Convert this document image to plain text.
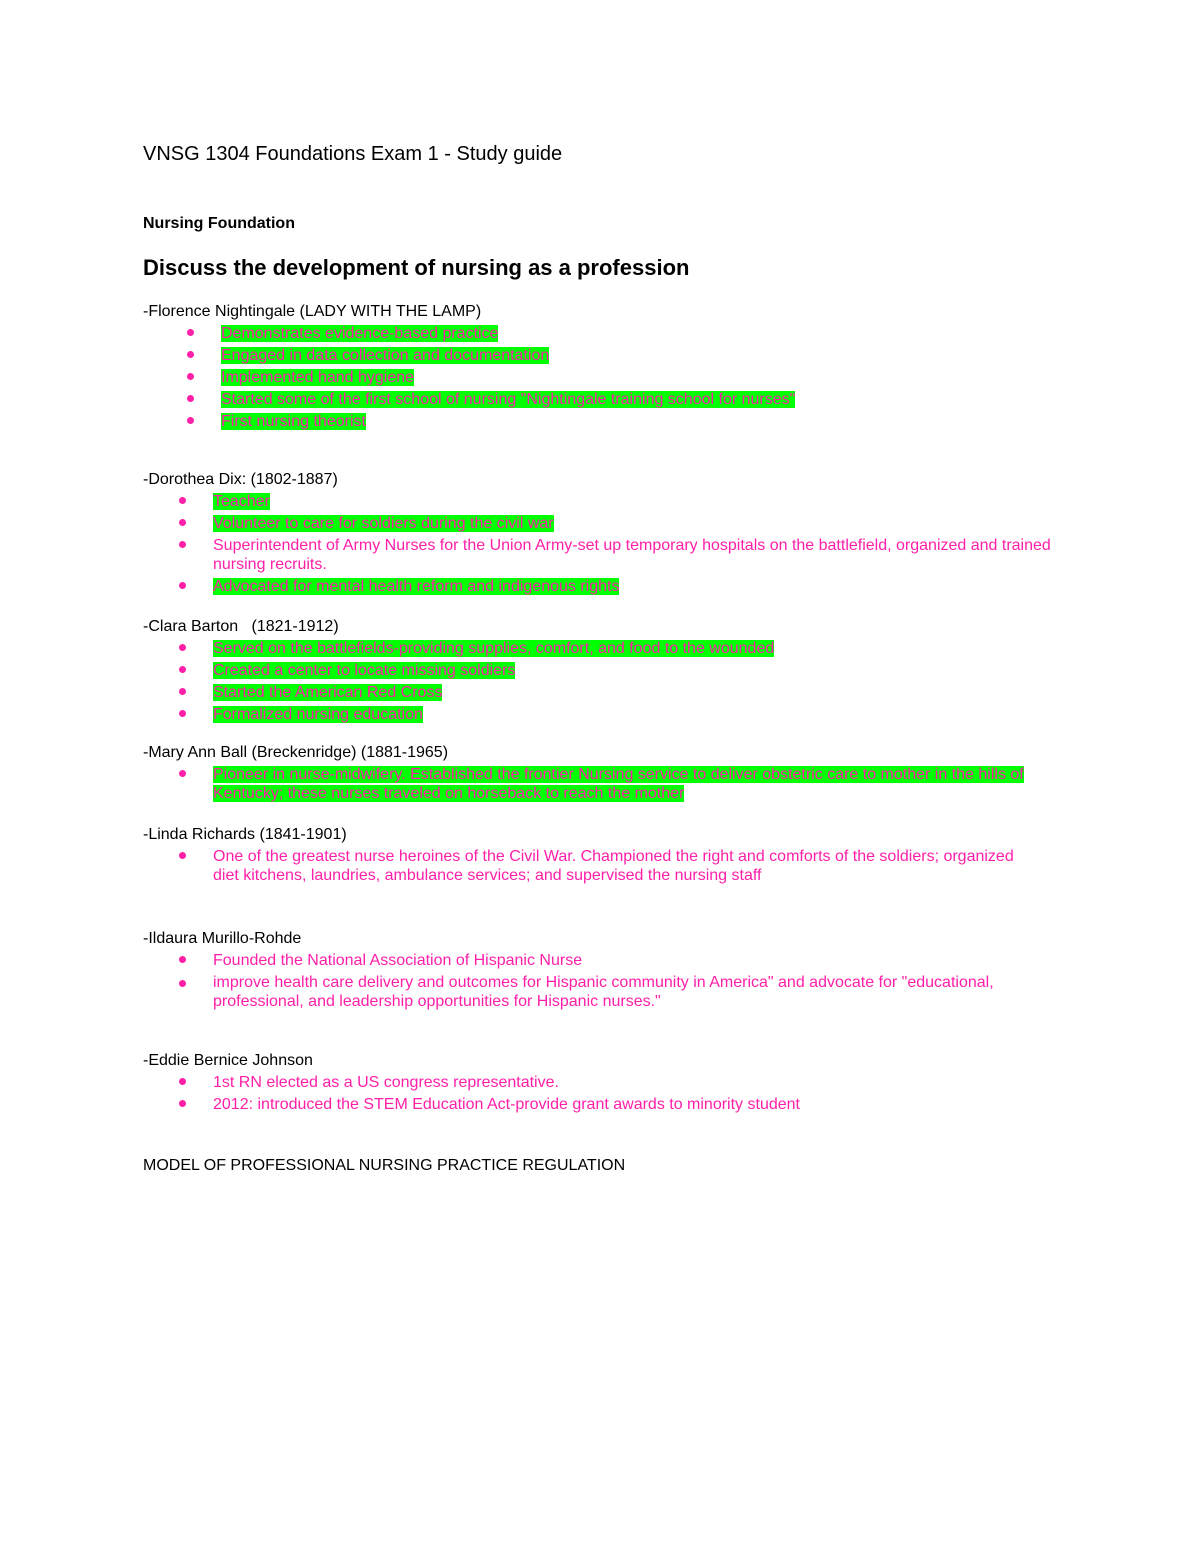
VNSG 1304 Foundations Exam 1 - Study guide
Nursing Foundation
Discuss the development of nursing as a profession
-Florence Nightingale (LADY WITH THE LAMP)
Demonstrates evidence-based practice
Engaged in data collection and documentation
Implemented hand hygiene
Started some of the first school of nursing "Nightingale training school for nurses"
First nursing theorist
-Dorothea Dix: (1802-1887)
Teacher
Volunteer to care for soldiers during the civil war
Superintendent of Army Nurses for the Union Army-set up temporary hospitals on the battlefield, organized and trained nursing recruits.
Advocated for mental health reform and indigenous rights
-Clara Barton   (1821-1912)
Served on the battlefields-providing supplies, comfort, and food to the wounded
Created a center to locate missing soldiers
Started the American Red Cross
Formalized nursing education
-Mary Ann Ball (Breckenridge) (1881-1965)
Pioneer in nurse-midwifery. Established the frontier Nursing service to deliver obstetric care to mother in the hills of Kentucky; these nurses traveled on horseback to reach the mother
-Linda Richards (1841-1901)
One of the greatest nurse heroines of the Civil War. Championed the right and comforts of the soldiers; organized diet kitchens, laundries, ambulance services; and supervised the nursing staff
-Ildaura Murillo-Rohde
Founded the National Association of Hispanic Nurse
improve health care delivery and outcomes for Hispanic community in America" and advocate for "educational, professional, and leadership opportunities for Hispanic nurses."
-Eddie Bernice Johnson
1st RN elected as a US congress representative.
2012: introduced the STEM Education Act-provide grant awards to minority student
MODEL OF PROFESSIONAL NURSING PRACTICE REGULATION
